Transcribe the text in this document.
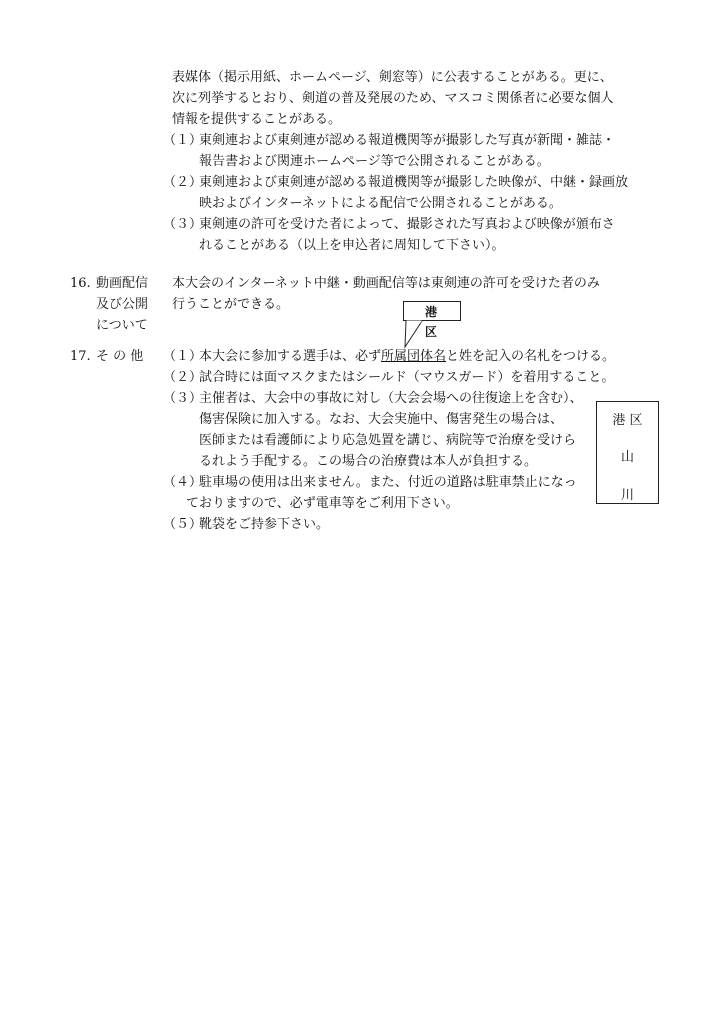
表媒体（掲示用紙、ホームページ、剣窓等）に公表することがある。更に、
次に列挙するとおり、剣道の普及発展のため、マスコミ関係者に必要な個人
情報を提供することがある。
（１）
東剣連および東剣連が認める報道機関等が撮影した写真が新聞・雑誌・
報告書および関連ホームページ等で公開されることがある。
（２）
東剣連および東剣連が認める報道機関等が撮影した映像が、中継・録画放
映およびインターネットによる配信で公開されることがある。
（３）
東剣連の許可を受けた者によって、撮影された写真および映像が頒布さ
れることがある（以上を申込者に周知して下さい）。
16. 動画配信
及び公開
について
本大会のインターネット中継・動画配信等は東剣連の許可を受けた者のみ
行うことができる。	港 区
17. そ の 他 （１）
本大会に参加する選手は、必ず所属団体名と姓を記入の名札をつける。
（２）
試合時には面マスクまたはシールド（マウスガード）を着用すること。
（３）
主催者は、大会中の事故に対し（大会会場への往復途上を含む）、
傷害保険に加入する。なお、大会実施中、傷害発生の場合は、
医師または看護師により応急処置を講じ、病院等で治療を受けら
るれよう手配する。この場合の治療費は本人が負担する。
（４）
駐車場の使用は出来ません。また、付近の道路は駐車禁止になっ
ておりますので、必ず電車等をご利用下さい。
（５）
靴袋をご持参下さい。
港 区
山
川
